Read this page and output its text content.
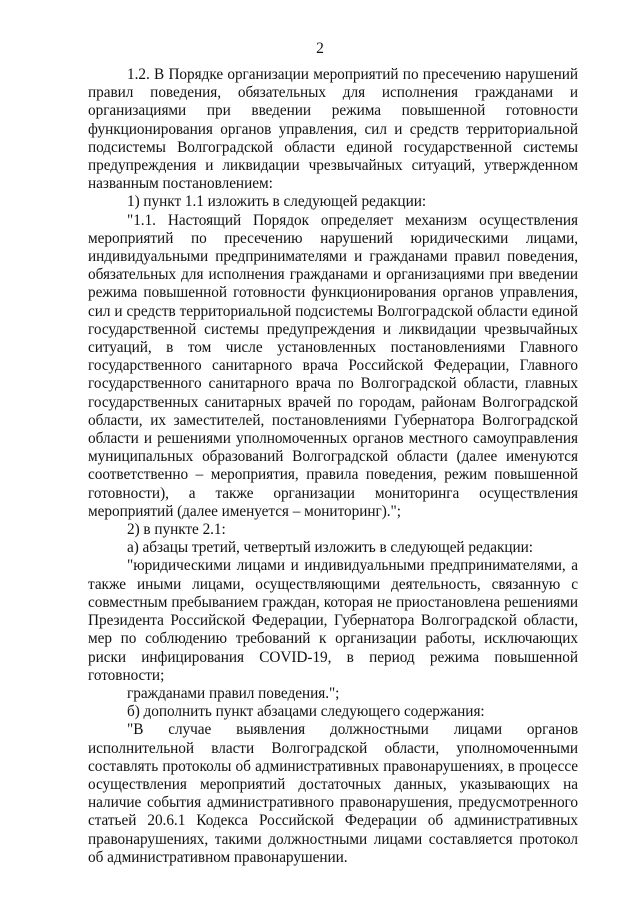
2

1.2. В Порядке организации мероприятий по пресечению нарушений правил поведения, обязательных для исполнения гражданами и организациями при введении режима повышенной готовности функционирования органов управления, сил и средств территориальной подсистемы Волгоградской области единой государственной системы предупреждения и ликвидации чрезвычайных ситуаций, утвержденном названным постановлением:

1) пункт 1.1 изложить в следующей редакции:

"1.1. Настоящий Порядок определяет механизм осуществления мероприятий по пресечению нарушений юридическими лицами, индивидуальными предпринимателями и гражданами правил поведения, обязательных для исполнения гражданами и организациями при введении режима повышенной готовности функционирования органов управления, сил и средств территориальной подсистемы Волгоградской области единой государственной системы предупреждения и ликвидации чрезвычайных ситуаций, в том числе установленных постановлениями Главного государственного санитарного врача Российской Федерации, Главного государственного санитарного врача по Волгоградской области, главных государственных санитарных врачей по городам, районам Волгоградской области, их заместителей, постановлениями Губернатора Волгоградской области и решениями уполномоченных органов местного самоуправления муниципальных образований Волгоградской области (далее именуются соответственно – мероприятия, правила поведения, режим повышенной готовности), а также организации мониторинга осуществления мероприятий (далее именуется – мониторинг).";

2) в пункте 2.1:

а) абзацы третий, четвертый изложить в следующей редакции:

"юридическими лицами и индивидуальными предпринимателями, а также иными лицами, осуществляющими деятельность, связанную с совместным пребыванием граждан, которая не приостановлена решениями Президента Российской Федерации, Губернатора Волгоградской области, мер по соблюдению требований к организации работы, исключающих риски инфицирования COVID-19, в период режима повышенной готовности;

гражданами правил поведения.";

б) дополнить пункт абзацами следующего содержания:

"В случае выявления должностными лицами органов исполнительной власти Волгоградской области, уполномоченными составлять протоколы об административных правонарушениях, в процессе осуществления мероприятий достаточных данных, указывающих на наличие события административного правонарушения, предусмотренного статьей 20.6.1 Кодекса Российской Федерации об административных правонарушениях, такими должностными лицами составляется протокол об административном правонарушении.
